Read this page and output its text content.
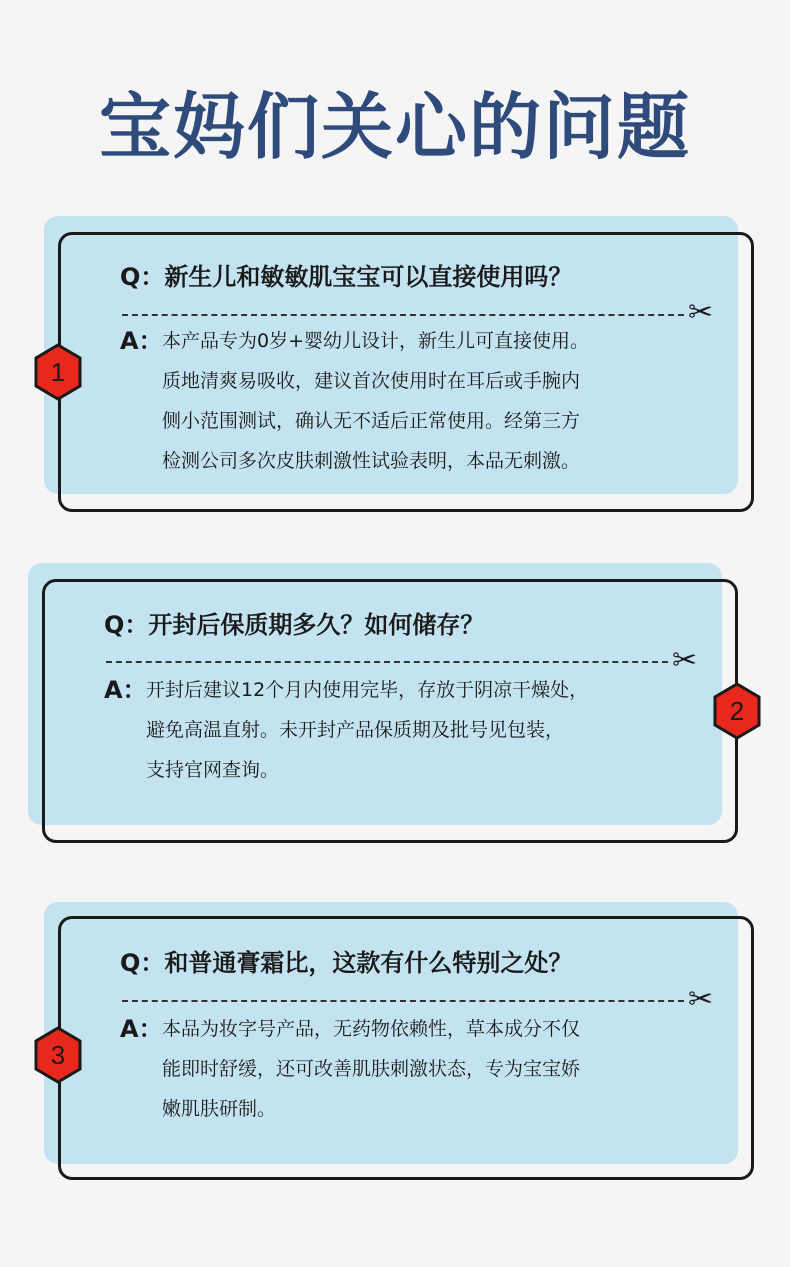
宝妈们关心的问题
Q：新生儿和敏敏肌宝宝可以直接使用吗？
✂
A： 本产品专为0岁+婴幼儿设计，新生儿可直接使用。
质地清爽易吸收，建议首次使用时在耳后或手腕内
侧小范围测试，确认无不适后正常使用。经第三方
检测公司多次皮肤刺激性试验表明，本品无刺激。
1
Q：开封后保质期多久？如何储存？
✂
A： 开封后建议12个月内使用完毕，存放于阴凉干燥处，
避免高温直射。未开封产品保质期及批号见包装，
支持官网查询。
2
Q：和普通膏霜比，这款有什么特别之处？
✂
A： 本品为妆字号产品，无药物依赖性，草本成分不仅
能即时舒缓，还可改善肌肤刺激状态，专为宝宝娇
嫩肌肤研制。
3
